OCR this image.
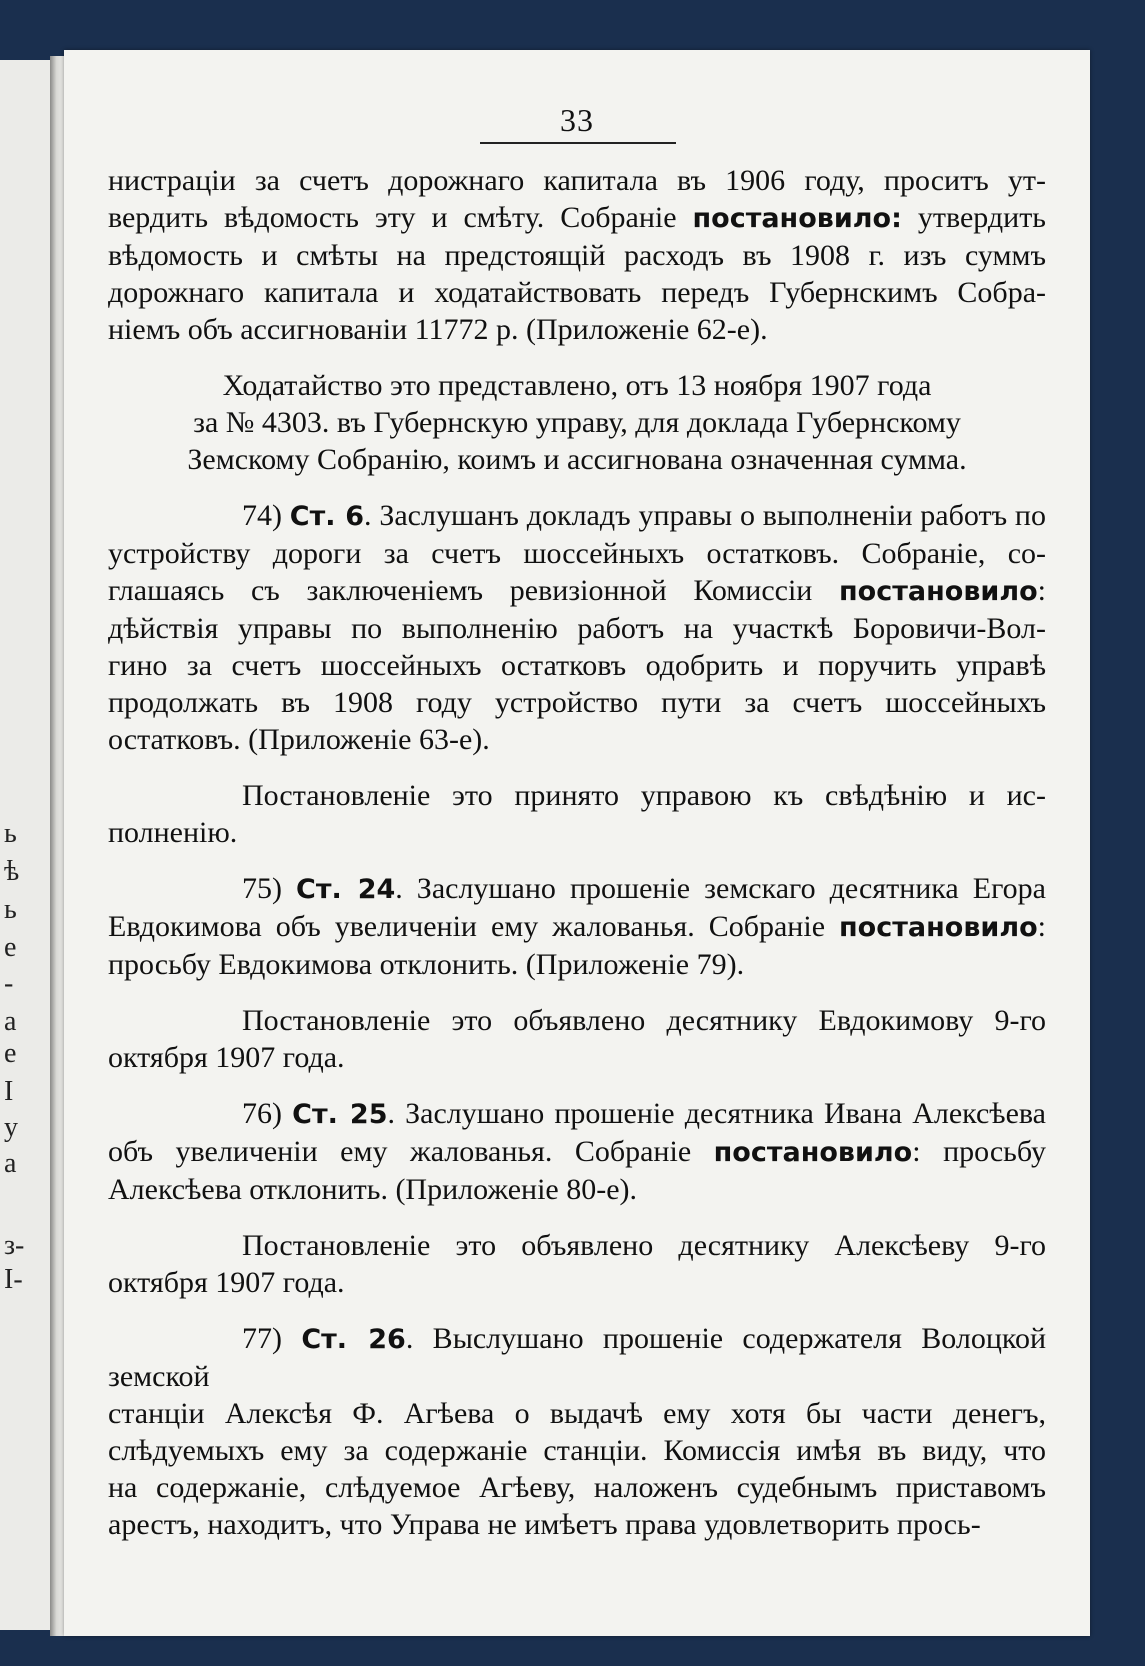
ь
ѣ
ь
е
-
а
е
I
у
а
з-
І-
33

нистраціи за счетъ дорожнаго капитала въ 1906 году, проситъ ут-

вердить вѣдомость эту и смѣту. Собраніе постановило: утвердить

вѣдомость и смѣты на предстоящій расходъ въ 1908 г. изъ суммъ

дорожнаго капитала и ходатайствовать передъ Губернскимъ Собра-

ніемъ объ ассигнованіи 11772 р. (Приложеніе 62-е).

Ходатайство это представлено, отъ 13 ноября 1907 года

за № 4303. въ Губернскую управу, для доклада Губернскому

Земскому Собранію, коимъ и ассигнована означенная сумма.

74) Ст. 6. Заслушанъ докладъ управы о выполненіи работъ по

устройству дороги за счетъ шоссейныхъ остатковъ. Собраніе, со-

глашаясь съ заключеніемъ ревизіонной Комиссіи постановило:

дѣйствія управы по выполненію работъ на участкѣ Боровичи-Вол-

гино за счетъ шоссейныхъ остатковъ одобрить и поручить управѣ

продолжать въ 1908 году устройство пути за счетъ шоссейныхъ

остатковъ. (Приложеніе 63-е).

Постановленіе это принято управою къ свѣдѣнію и ис-

полненію.

75) Ст. 24. Заслушано прошеніе земскаго десятника Егора

Евдокимова объ увеличеніи ему жалованья. Собраніе постановило:

просьбу Евдокимова отклонить. (Приложеніе 79).

Постановленіе это объявлено десятнику Евдокимову 9-го

октября 1907 года.

76) Ст. 25. Заслушано прошеніе десятника Ивана Алексѣева

объ увеличеніи ему жалованья. Собраніе постановило: просьбу

Алексѣева отклонить. (Приложеніе 80-е).

Постановленіе это объявлено десятнику Алексѣеву 9-го

октября 1907 года.

77) Ст. 26. Выслушано прошеніе содержателя Волоцкой земской

станціи Алексѣя Ф. Агѣева о выдачѣ ему хотя бы части денегъ,

слѣдуемыхъ ему за содержаніе станціи. Комиссія имѣя въ виду, что

на содержаніе, слѣдуемое Агѣеву, наложенъ судебнымъ приставомъ

арестъ, находитъ, что Управа не имѣетъ права удовлетворить прось-
